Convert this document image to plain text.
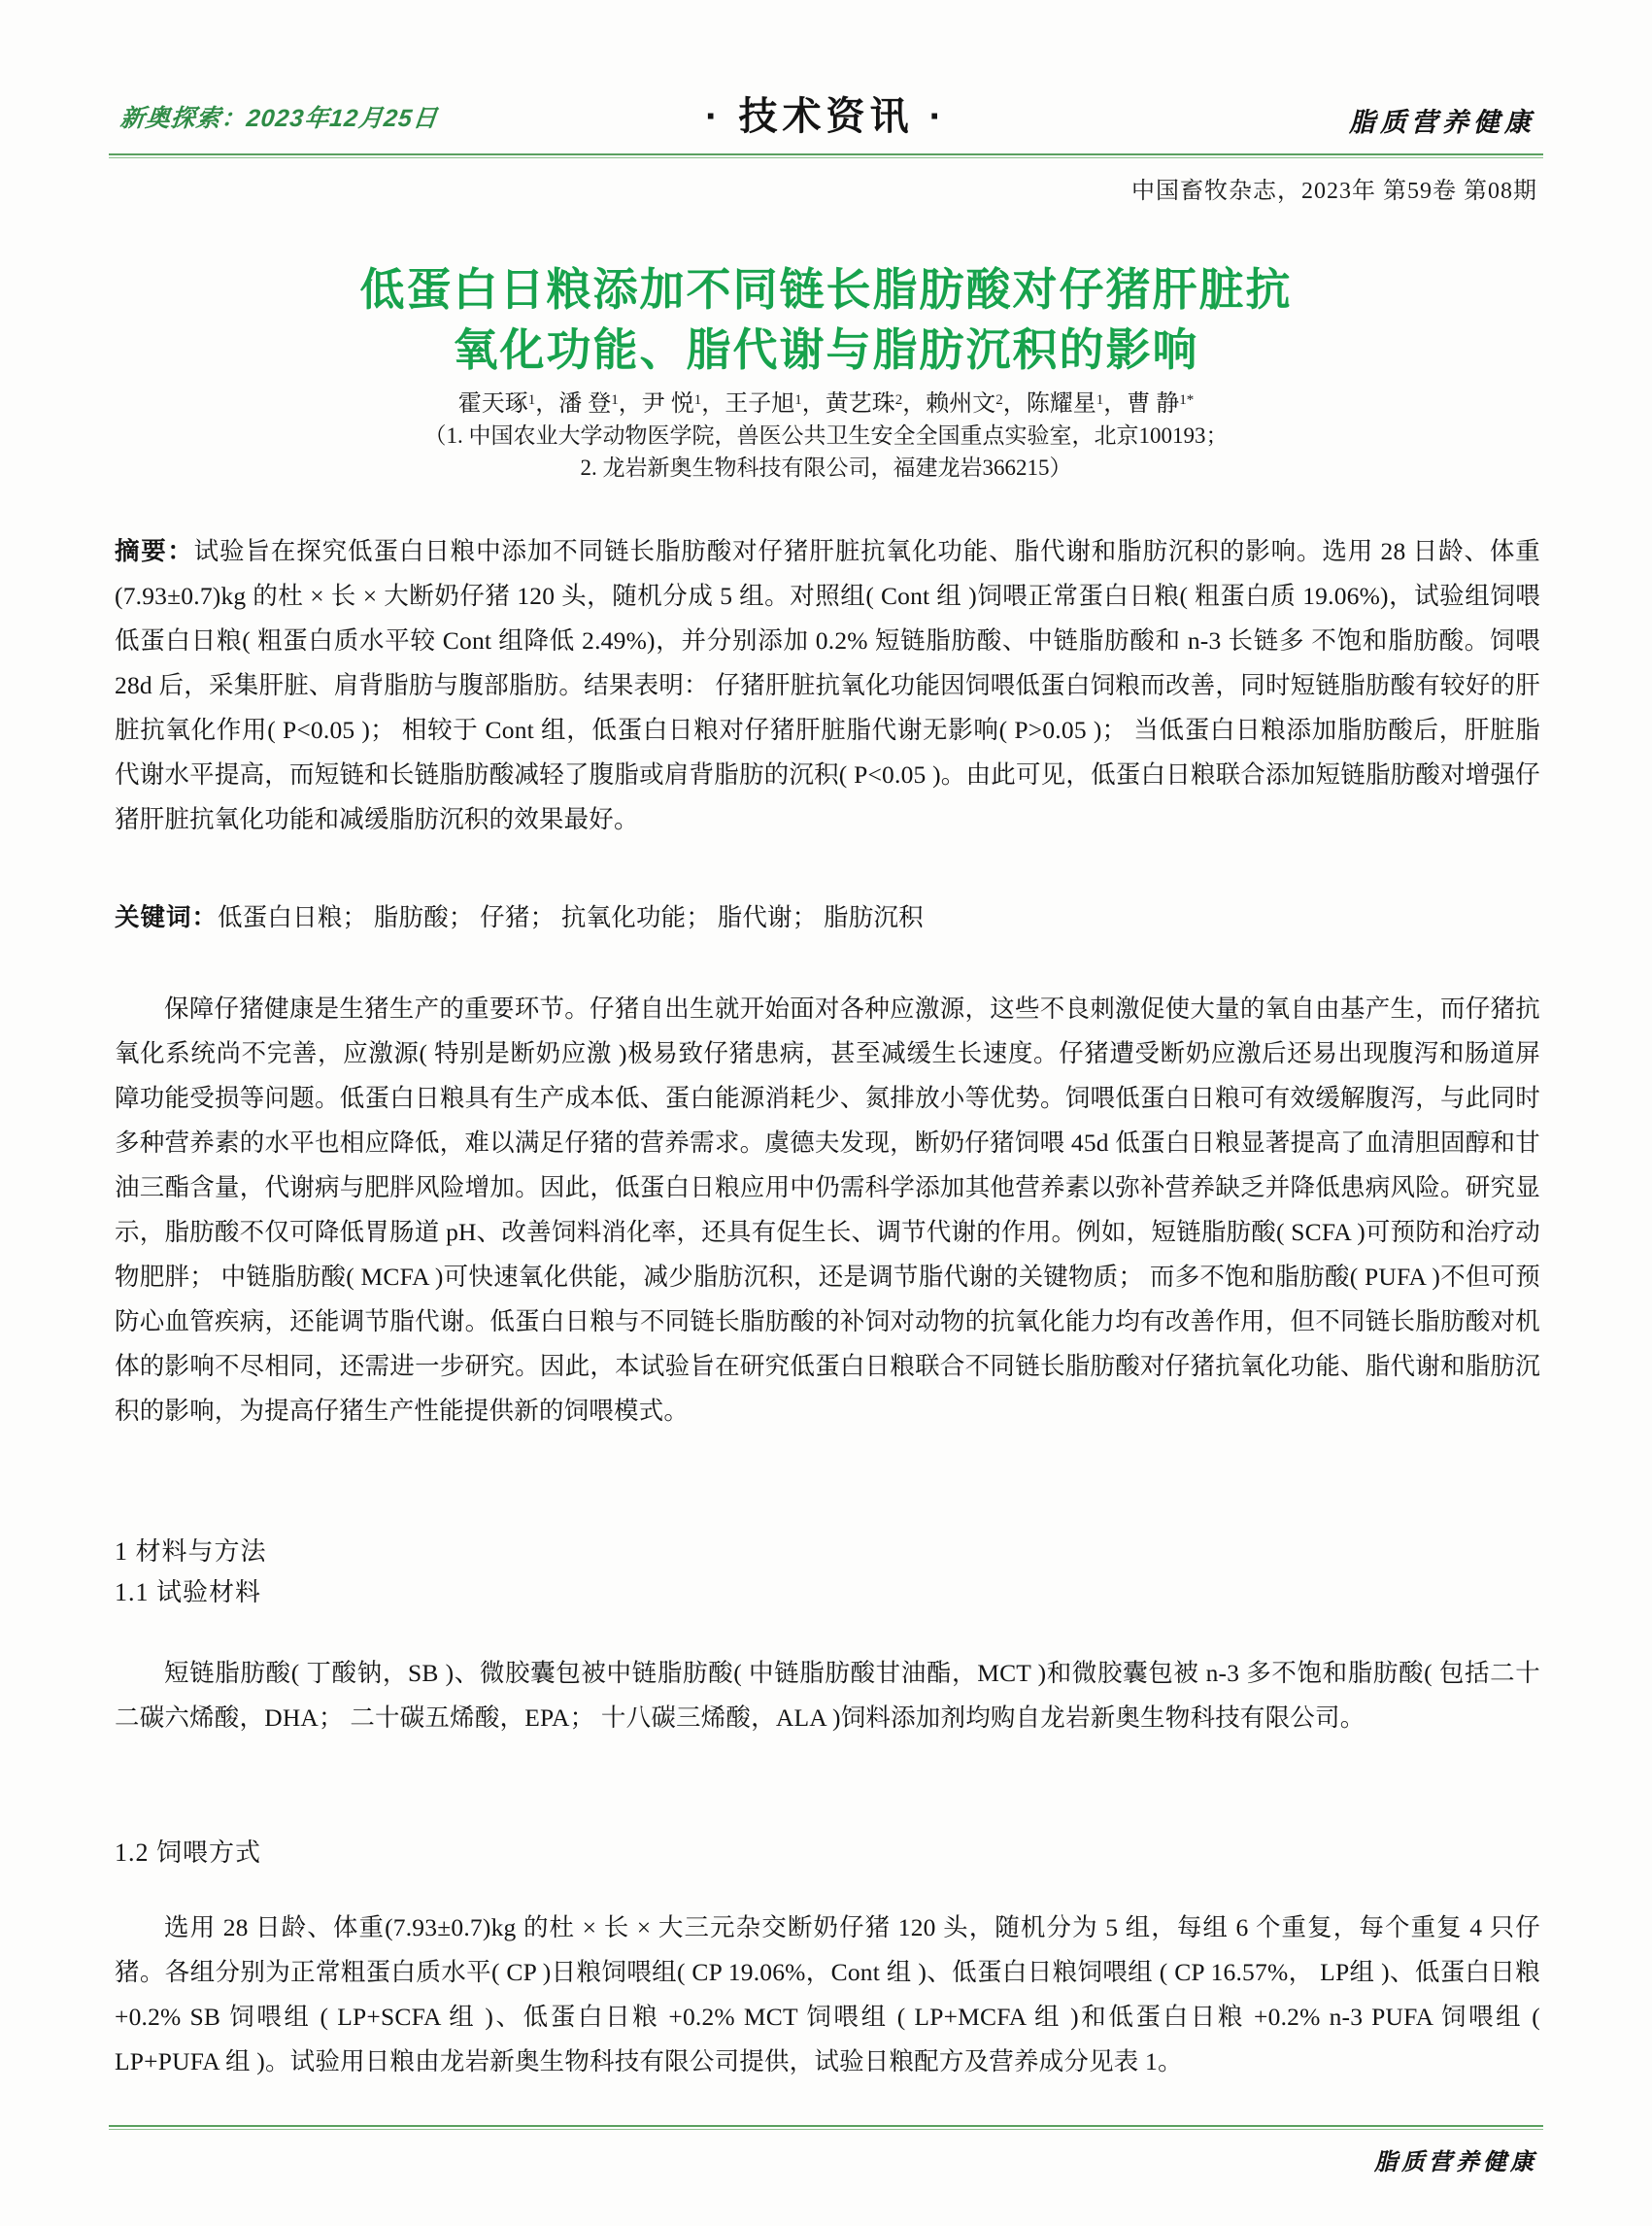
新奥探索：2023年12月25日	· 技术资讯 ·	脂质营养健康
中国畜牧杂志，2023年 第59卷 第08期
低蛋白日粮添加不同链长脂肪酸对仔猪肝脏抗
氧化功能、脂代谢与脂肪沉积的影响
霍天琢$^1$，潘 登$^1$，尹 悦$^1$，王子旭$^1$，黄艺珠$^2$，赖州文$^2$，陈耀星$^1$，曹 静$^{1*}$
（1. 中国农业大学动物医学院，兽医公共卫生安全全国重点实验室，北京100193；
2. 龙岩新奥生物科技有限公司，福建龙岩366215）

摘要：试验旨在探究低蛋白日粮中添加不同链长脂肪酸对仔猪肝脏抗氧化功能、脂代谢和脂肪沉积的影响。选用 28 日龄、体重(7.93±0.7)kg 的杜 × 长 × 大断奶仔猪 120 头，随机分成 5 组。对照组( Cont 组 )饲喂正常蛋白日粮( 粗蛋白质 19.06%)，试验组饲喂低蛋白日粮( 粗蛋白质水平较 Cont 组降低 2.49%)，并分别添加 0.2% 短链脂肪酸、中链脂肪酸和 n-3 长链多 不饱和脂肪酸。饲喂 28d 后，采集肝脏、肩背脂肪与腹部脂肪。结果表明： 仔猪肝脏抗氧化功能因饲喂低蛋白饲粮而改善，同时短链脂肪酸有较好的肝脏抗氧化作用( P<0.05 )； 相较于 Cont 组，低蛋白日粮对仔猪肝脏脂代谢无影响( P>0.05 )； 当低蛋白日粮添加脂肪酸后，肝脏脂代谢水平提高，而短链和长链脂肪酸减轻了腹脂或肩背脂肪的沉积( P<0.05 )。由此可见，低蛋白日粮联合添加短链脂肪酸对增强仔猪肝脏抗氧化功能和减缓脂肪沉积的效果最好。

关键词：低蛋白日粮； 脂肪酸； 仔猪； 抗氧化功能； 脂代谢； 脂肪沉积

保障仔猪健康是生猪生产的重要环节。仔猪自出生就开始面对各种应激源，这些不良刺激促使大量的氧自由基产生，而仔猪抗氧化系统尚不完善，应激源( 特别是断奶应激 )极易致仔猪患病，甚至减缓生长速度。仔猪遭受断奶应激后还易出现腹泻和肠道屏障功能受损等问题。低蛋白日粮具有生产成本低、蛋白能源消耗少、氮排放小等优势。饲喂低蛋白日粮可有效缓解腹泻，与此同时多种营养素的水平也相应降低，难以满足仔猪的营养需求。虞德夫发现，断奶仔猪饲喂 45d 低蛋白日粮显著提高了血清胆固醇和甘油三酯含量，代谢病与肥胖风险增加。因此，低蛋白日粮应用中仍需科学添加其他营养素以弥补营养缺乏并降低患病风险。研究显示，脂肪酸不仅可降低胃肠道 pH、改善饲料消化率，还具有促生长、调节代谢的作用。例如，短链脂肪酸( SCFA )可预防和治疗动物肥胖； 中链脂肪酸( MCFA )可快速氧化供能，减少脂肪沉积，还是调节脂代谢的关键物质； 而多不饱和脂肪酸( PUFA )不但可预防心血管疾病，还能调节脂代谢。低蛋白日粮与不同链长脂肪酸的补饲对动物的抗氧化能力均有改善作用，但不同链长脂肪酸对机体的影响不尽相同，还需进一步研究。因此，本试验旨在研究低蛋白日粮联合不同链长脂肪酸对仔猪抗氧化功能、脂代谢和脂肪沉积的影响，为提高仔猪生产性能提供新的饲喂模式。

1 材料与方法
1.1 试验材料

短链脂肪酸( 丁酸钠，SB )、微胶囊包被中链脂肪酸( 中链脂肪酸甘油酯，MCT )和微胶囊包被 n-3 多不饱和脂肪酸( 包括二十二碳六烯酸，DHA； 二十碳五烯酸，EPA； 十八碳三烯酸，ALA )饲料添加剂均购自龙岩新奥生物科技有限公司。

1.2 饲喂方式

选用 28 日龄、体重(7.93±0.7)kg 的杜 × 长 × 大三元杂交断奶仔猪 120 头，随机分为 5 组，每组 6 个重复，每个重复 4 只仔猪。各组分别为正常粗蛋白质水平( CP )日粮饲喂组( CP 19.06%，Cont 组 )、低蛋白日粮饲喂组 ( CP 16.57%， LP组 )、低蛋白日粮 +0.2% SB 饲喂组 ( LP+SCFA 组 )、低蛋白日粮 +0.2% MCT 饲喂组 ( LP+MCFA 组 )和低蛋白日粮 +0.2% n-3 PUFA 饲喂组 ( LP+PUFA 组 )。试验用日粮由龙岩新奥生物科技有限公司提供，试验日粮配方及营养成分见表 1。

脂质营养健康
